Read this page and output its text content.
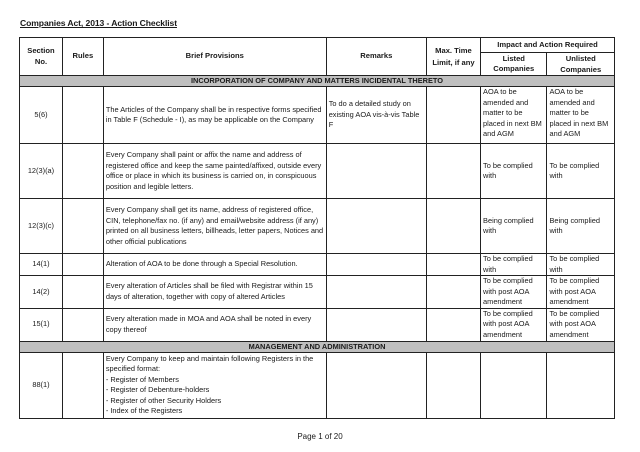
Companies Act, 2013 - Action Checklist
Section No.	Rules	Brief Provisions	Remarks	Max. Time Limit, if any	Impact and Action Required	
					Listed Companies	Unlisted Companies
INCORPORATION OF COMPANY AND MATTERS INCIDENTAL THERETO						
5(6)		The Articles of the Company shall be in respective forms specified in Table F (Schedule - I), as may be applicable on the Company	To do a detailed study on existing AOA vis-à-vis Table F		AOA to be amended and matter to be placed in next BM and AGM	AOA to be amended and matter to be placed in next BM and AGM
12(3)(a)		Every Company shall paint or affix the name and address of registered office and keep the same painted/affixed, outside every office or place in which its business is carried on, in conspicuous position and legible letters.			To be complied with	To be complied with
12(3)(c)		Every Company shall get its name, address of registered office, CIN, telephone/fax no. (if any) and email/website address (if any) printed on all business letters, billheads, letter papers, Notices and other official publications			Being complied with	Being complied with
14(1)		Alteration of AOA to be done through a Special Resolution.			To be complied with	To be complied with
14(2)		Every alteration of Articles shall be filed with Registrar within 15 days of alteration, together with copy of altered Articles			To be complied with post AOA amendment	To be complied with post AOA amendment
15(1)		Every alteration made in MOA and AOA shall be noted in every copy thereof			To be complied with post AOA amendment	To be complied with post AOA amendment
MANAGEMENT AND ADMINISTRATION						
88(1)		Every Company to keep and maintain following Registers in the specified format:
- Register of Members
- Register of Debenture-holders
- Register of other Security Holders
- Index of the Registers				

Page 1 of 20
